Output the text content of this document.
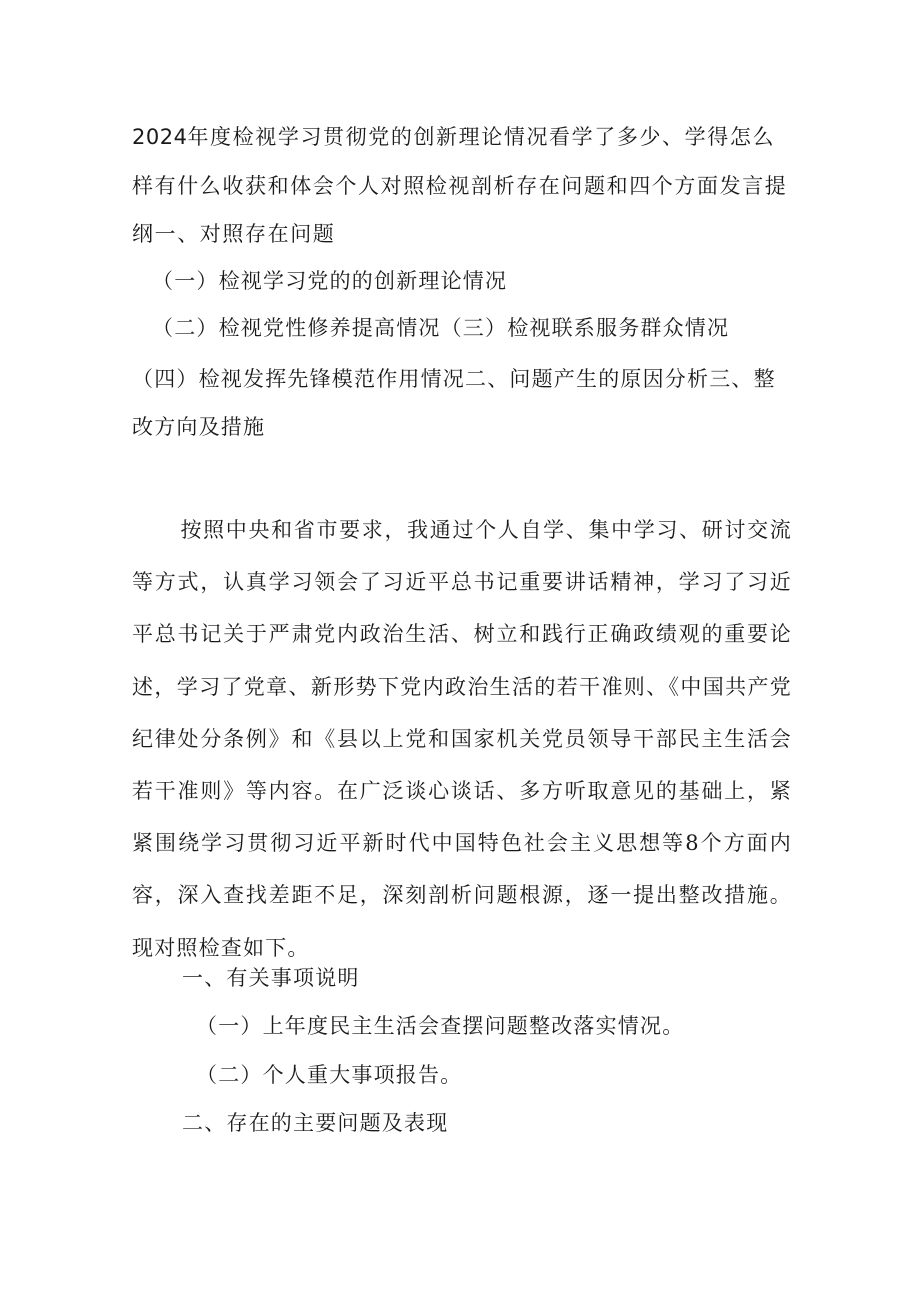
2024年度检视学习贯彻党的创新理论情况看学了多少、学得怎么样有什么收获和体会个人对照检视剖析存在问题和四个方面发言提纲一、对照存在问题

（一）检视学习党的的创新理论情况

（二）检视党性修养提高情况（三）检视联系服务群众情况

（四）检视发挥先锋模范作用情况二、问题产生的原因分析三、整改方向及措施

按照中央和省市要求，我通过个人自学、集中学习、研讨交流等方式，认真学习领会了习近平总书记重要讲话精神，学习了习近平总书记关于严肃党内政治生活、树立和践行正确政绩观的重要论述，学习了党章、新形势下党内政治生活的若干准则、《中国共产党纪律处分条例》和《县以上党和国家机关党员领导干部民主生活会若干准则》等内容。在广泛谈心谈话、多方听取意见的基础上，紧紧围绕学习贯彻习近平新时代中国特色社会主义思想等8个方面内容，深入查找差距不足，深刻剖析问题根源，逐一提出整改措施。现对照检查如下。

一、有关事项说明

（一）上年度民主生活会查摆问题整改落实情况。

（二）个人重大事项报告。

二、存在的主要问题及表现
